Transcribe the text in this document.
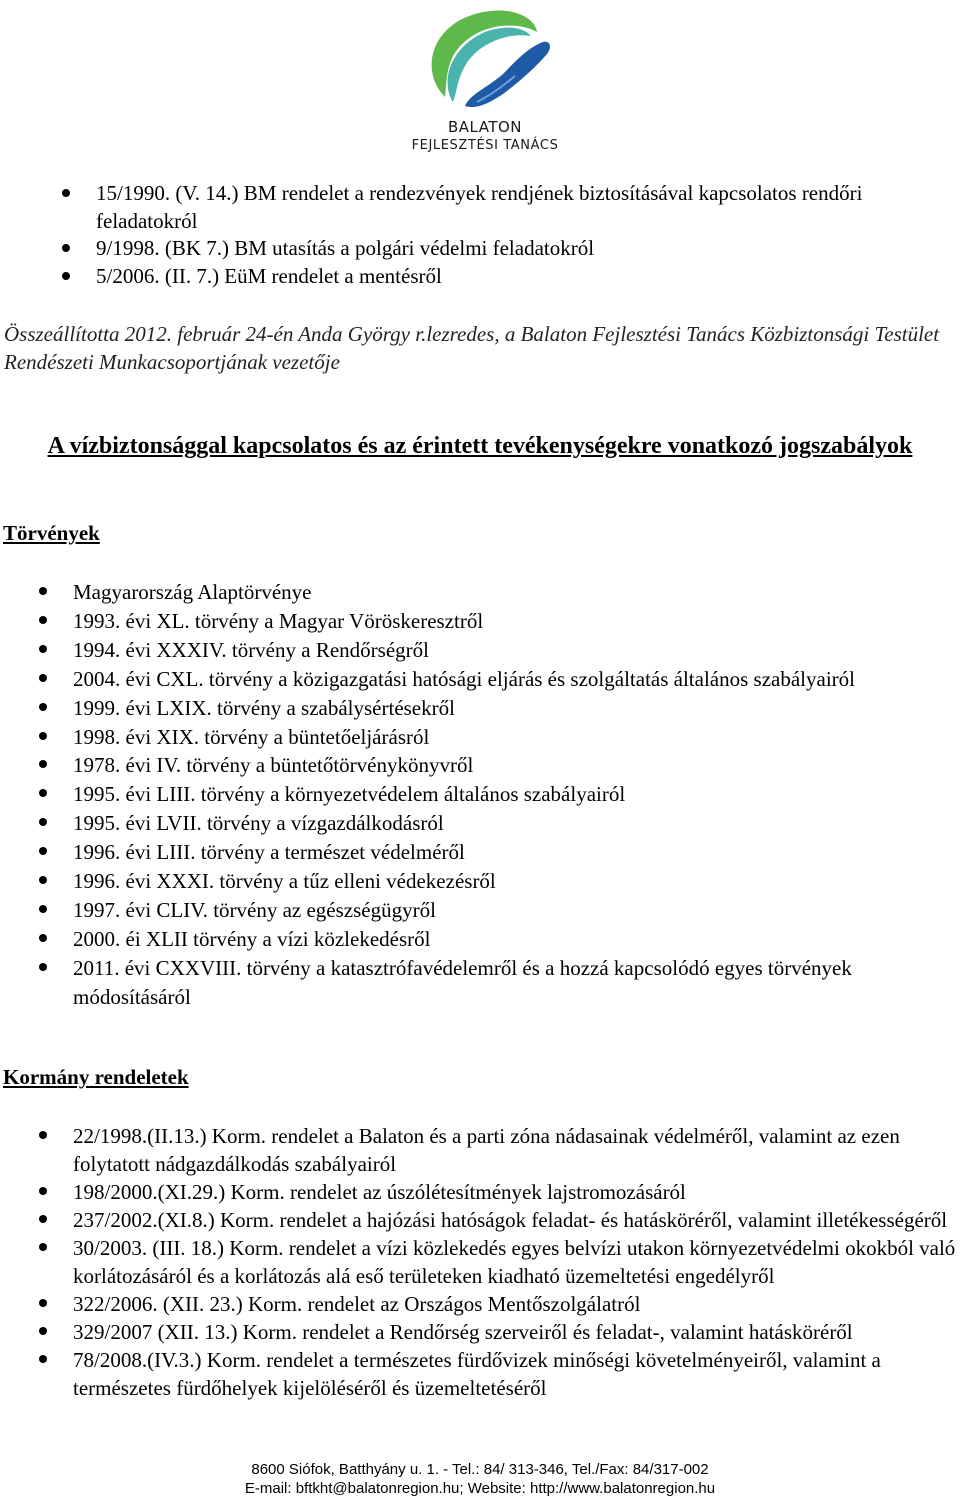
BALATON
FEJLESZTÉSI TANÁCS
15/1990. (V. 14.) BM rendelet a rendezvények rendjének biztosításával kapcsolatos rendőri feladatokról
9/1998. (BK 7.) BM utasítás a polgári védelmi feladatokról
5/2006. (II. 7.) EüM rendelet a mentésről
Összeállította 2012. február 24-én Anda György r.lezredes, a Balaton Fejlesztési Tanács Közbiztonsági Testület Rendészeti Munkacsoportjának vezetője
A vízbiztonsággal kapcsolatos és az érintett tevékenységekre vonatkozó jogszabályok
Törvények
Magyarország Alaptörvénye
1993. évi XL. törvény a Magyar Vöröskeresztről
1994. évi XXXIV. törvény a Rendőrségről
2004. évi CXL. törvény a közigazgatási hatósági eljárás és szolgáltatás általános szabályairól
1999. évi LXIX. törvény a szabálysértésekről
1998. évi XIX. törvény a büntetőeljárásról
1978. évi IV. törvény a büntetőtörvénykönyvről
1995. évi LIII. törvény a környezetvédelem általános szabályairól
1995. évi LVII. törvény a vízgazdálkodásról
1996. évi LIII. törvény a természet védelméről
1996. évi XXXI. törvény a tűz elleni védekezésről
1997. évi CLIV. törvény az egészségügyről
2000. éi XLII törvény a vízi közlekedésről
2011. évi CXXVIII. törvény a katasztrófavédelemről és a hozzá kapcsolódó egyes törvények módosításáról
Kormány rendeletek
22/1998.(II.13.) Korm. rendelet a Balaton és a parti zóna nádasainak védelméről, valamint az ezen folytatott nádgazdálkodás szabályairól
198/2000.(XI.29.) Korm. rendelet az úszólétesítmények lajstromozásáról
237/2002.(XI.8.) Korm. rendelet a hajózási hatóságok feladat- és hatásköréről, valamint illetékességéről
30/2003. (III. 18.) Korm. rendelet a vízi közlekedés egyes belvízi utakon környezetvédelmi okokból való korlátozásáról és a korlátozás alá eső területeken kiadható üzemeltetési engedélyről
322/2006. (XII. 23.) Korm. rendelet az Országos Mentőszolgálatról
329/2007 (XII. 13.) Korm. rendelet a Rendőrség szerveiről és feladat-, valamint hatásköréről
78/2008.(IV.3.) Korm. rendelet a természetes fürdővizek minőségi követelményeiről, valamint a természetes fürdőhelyek kijelöléséről és üzemeltetéséről
8600 Siófok, Batthyány u. 1. - Tel.: 84/ 313-346, Tel./Fax: 84/317-002
E-mail: bftkht@balatonregion.hu; Website: http://www.balatonregion.hu
